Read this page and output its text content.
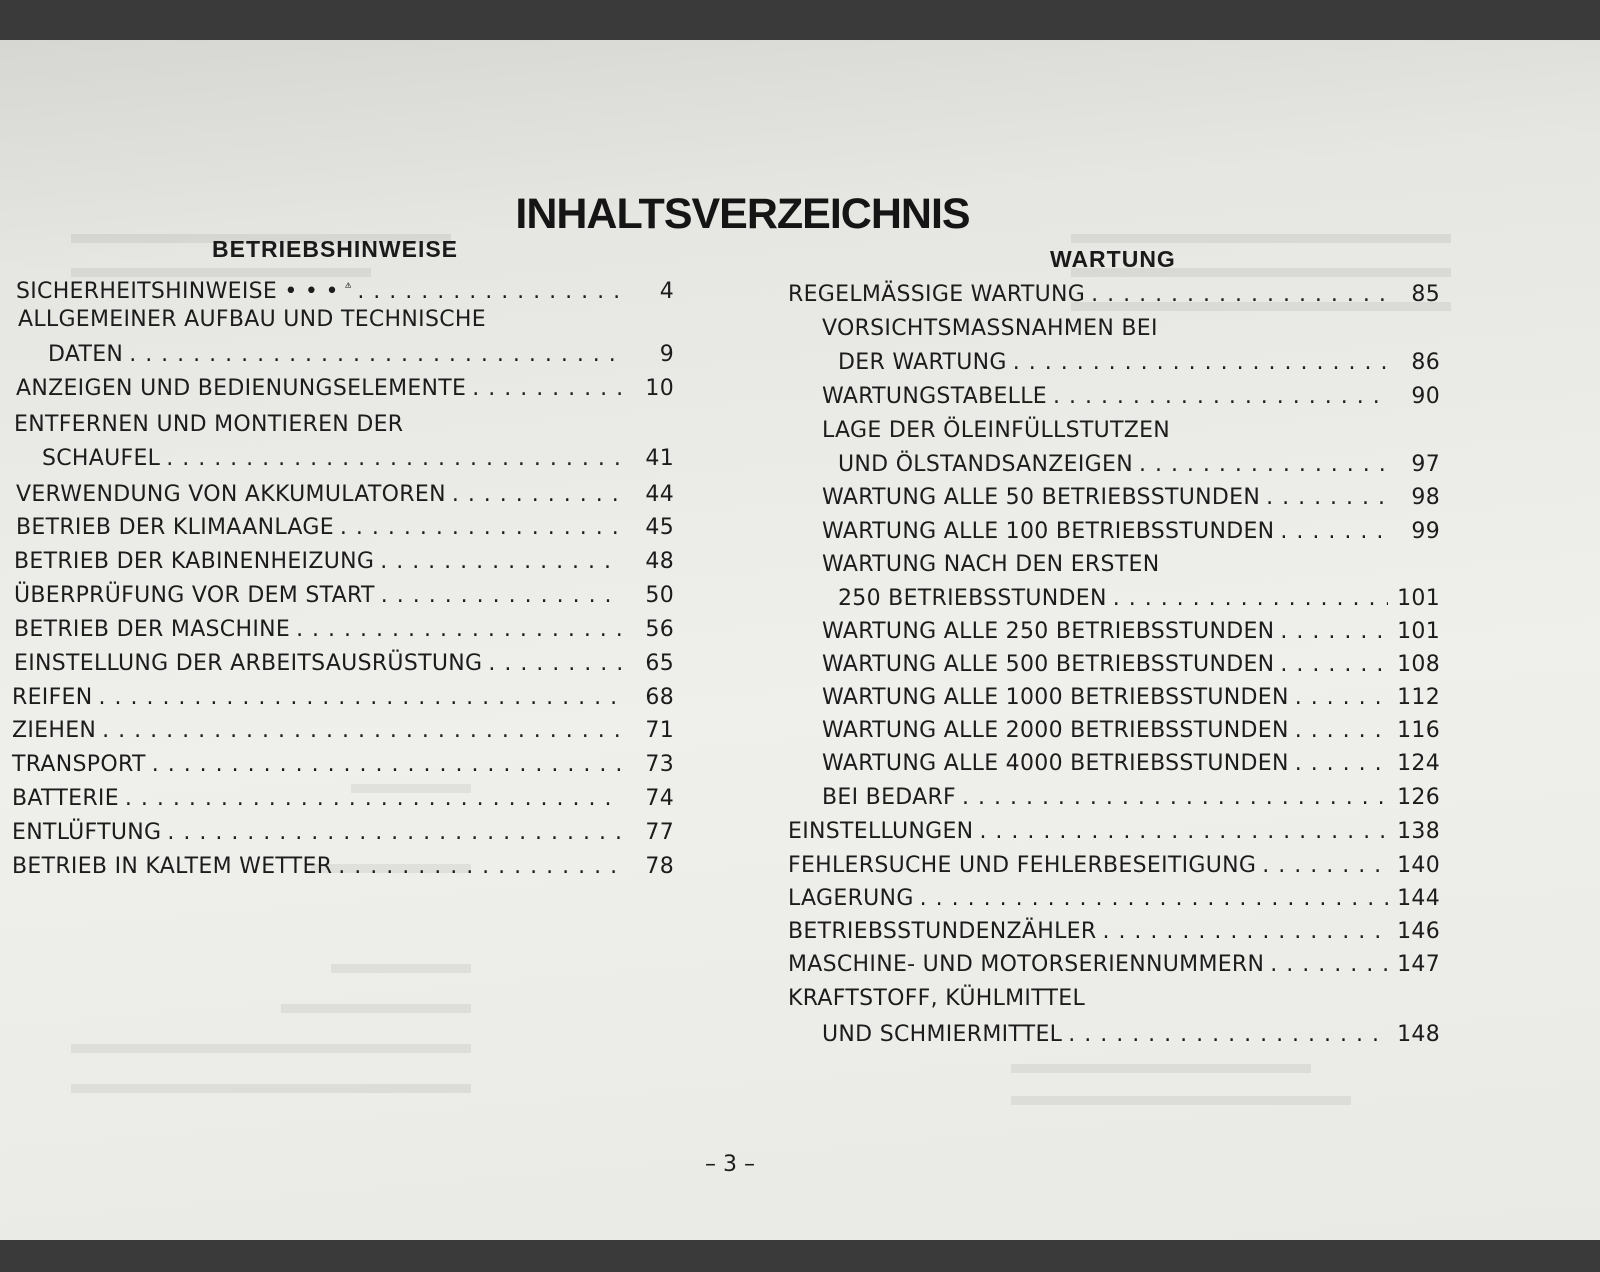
INHALTSVERZEICHNIS
BETRIEBSHINWEISE	WARTUNG
SICHERHEITSHINWEISE • • • . . .	4
ALLGEMEINER AUFBAU UND TECHNISCHE
DATEN . . .	9
ANZEIGEN UND BEDIENUNGSELEMENTE . . .	10
ENTFERNEN UND MONTIEREN DER
SCHAUFEL . . .	41
VERWENDUNG VON AKKUMULATOREN . . .	44
BETRIEB DER KLIMAANLAGE . . .	45
BETRIEB DER KABINENHEIZUNG . . .	48
ÜBERPRÜFUNG VOR DEM START . . .	50
BETRIEB DER MASCHINE . . .	56
EINSTELLUNG DER ARBEITSAUSRÜSTUNG . . .	65
REIFEN . . .	68
ZIEHEN . . .	71
TRANSPORT . . .	73
BATTERIE . . .	74
ENTLÜFTUNG . . .	77
BETRIEB IN KALTEM WETTER . . .	78
REGELMÄSSIGE WARTUNG . . .	85
VORSICHTSMASSNAHMEN BEI
DER WARTUNG . . .	86
WARTUNGSTABELLE . . .	90
LAGE DER ÖLEINFÜLLSTUTZEN
UND ÖLSTANDSANZEIGEN . . .	97
WARTUNG ALLE 50 BETRIEBSSTUNDEN . . .	98
WARTUNG ALLE 100 BETRIEBSSTUNDEN . . .	99
WARTUNG NACH DEN ERSTEN
250 BETRIEBSSTUNDEN . . .	101
WARTUNG ALLE 250 BETRIEBSSTUNDEN . . .	101
WARTUNG ALLE 500 BETRIEBSSTUNDEN . . .	108
WARTUNG ALLE 1000 BETRIEBSSTUNDEN . . .	112
WARTUNG ALLE 2000 BETRIEBSSTUNDEN . . .	116
WARTUNG ALLE 4000 BETRIEBSSTUNDEN . . .	124
BEI BEDARF . . .	126
EINSTELLUNGEN . . .	138
FEHLERSUCHE UND FEHLERBESEITIGUNG . . .	140
LAGERUNG . . .	144
BETRIEBSSTUNDENZÄHLER . . .	146
MASCHINE- UND MOTORSERIENNUMMERN . . .	147
KRAFTSTOFF, KÜHLMITTEL
UND SCHMIERMITTEL . . .	148
– 3 –
